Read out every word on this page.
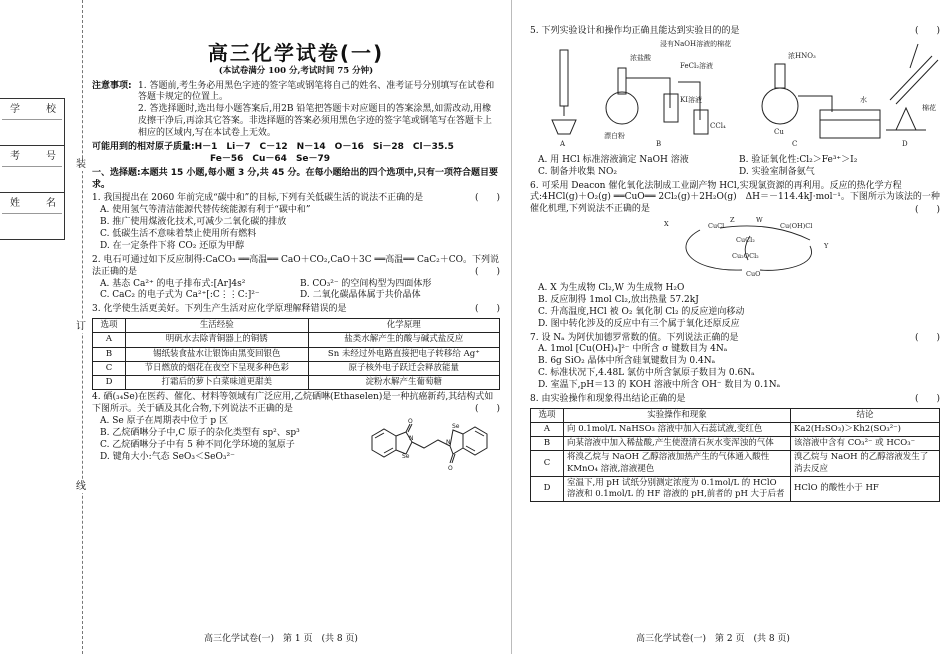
学　校
考　号
姓　名
装
订
线
高三化学试卷(一)
(本试卷满分 100 分,考试时间 75 分钟)
注意事项: 1. 答题前,考生务必用黑色字迹的签字笔或钢笔将自己的姓名、准考证号分别填写在试卷和答题卡规定的位置上。

2. 答选择题时,选出每小题答案后,用2B 铅笔把答题卡对应题目的答案涂黑,如需改动,用橡皮擦干净后,再涂其它答案。非选择题的答案必须用黑色字迹的签字笔或钢笔写在答题卡上相应的区域内,写在本试卷上无效。

可能用到的相对原子质量:H－1　Li－7　C－12　N－14　O－16　Si－28　Cl－35.5

Fe－56　Cu－64　Se－79

一、选择题:本题共 15 小题,每小题 3 分,共 45 分。在每小题给出的四个选项中,只有一项符合题目要求。

1. 我国提出在 2060 年前完成“碳中和”的目标,下列有关低碳生活的说法不正确的是	(　　)

A. 使用氢气等清洁能源代替传统能源有利于“碳中和”

B. 推广使用煤液化技术,可减少二氧化碳的排放

C. 低碳生活不意味着禁止使用所有燃料

D. 在一定条件下将 CO₂ 还原为甲醇

2. 电石可通过如下反应制得:CaCO₃ ══高温══ CaO＋CO₂,CaO＋3C ══高温══ CaC₂＋CO。下列说法正确的是	(　　)
A. 基态 Ca²⁺ 的电子排布式:[Ar]4s²	B. CO₃²⁻ 的空间构型为四面体形
C. CaC₂ 的电子式为 Ca²⁺[:C⋮⋮C:]²⁻	D. 二氧化碳晶体属于共价晶体

3. 化学使生活更美好。下列生产生活对应化学原理解释错误的是	(　　)
选项	生活经验	化学原理
A	明矾水去除青铜器上的铜锈	盐类水解产生的酸与碱式盐反应
B	锡纸装食盐水让银饰由黑变回银色	Sn 未经过外电路直接把电子转移给 Ag⁺
C	节日燃放的烟花在夜空下呈现多种色彩	原子核外电子跃迁会释放能量
D	打霜后的萝卜白菜味道更甜美	淀粉水解产生葡萄糖

4. 硒(₃₄Se)在医药、催化、材料等领域有广泛应用,乙烷硒啉(Ethaselen)是一种抗癌新药,其结构式如下图所示。关于硒及其化合物,下列说法不正确的是	(　　)

A. Se 原子在周期表中位于 p 区

B. 乙烷硒啉分子中,C 原子的杂化类型有 sp²、sp³

C. 乙烷硒啉分子中有 5 种不同化学环境的氢原子

D. 键角大小:气态 SeO₃＜SeO₃²⁻	Se
Se
N
N
O
O
高三化学试卷(一)　第 1 页　(共 8 页)

5. 下列实验设计和操作均正确且能达到实验目的的是	(　　)
浓盐酸
浸有NaOH溶液的棉花
FeCl₂溶液
KI溶液
CCl₄
漂白粉
浓HNO₃
Cu
水
棉花
A	B	C	D
A. 用 HCl 标准溶液滴定 NaOH 溶液	B. 验证氧化性:Cl₂＞Fe³⁺＞I₂
C. 制备并收集 NO₂	D. 实验室制备氨气

6. 可采用 Deacon 催化氧化法制成工业副产物 HCl,实现氯资源的再利用。反应的热化学方程

式:4HCl(g)＋O₂(g) ══CuO══ 2Cl₂(g)＋2H₂O(g)　ΔH＝－114.4kJ·mol⁻¹。下图所示为该法的一种催化机理,下列说法不正确的是	(　　)
X	CuCl
Z	W
Cu(OH)Cl
CuCl₂
Cu₂OCl₂
CuO
Y

A. X 为生成物 Cl₂,W 为生成物 H₂O

B. 反应制得 1mol Cl₂,放出热量 57.2kJ

C. 升高温度,HCl 被 O₂ 氧化制 Cl₂ 的反应逆向移动

D. 图中转化涉及的反应中有三个属于氧化还原反应

7. 设 Nₐ 为阿伏加德罗常数的值。下列说法正确的是	(　　)

A. 1mol [Cu(OH)₄]²⁻ 中所含 σ 键数目为 4Nₐ

B. 6g SiO₂ 晶体中所含硅氧键数目为 0.4Nₐ

C. 标准状况下,4.48L 氯仿中所含氯原子数目为 0.6Nₐ

D. 室温下,pH＝13 的 KOH 溶液中所含 OH⁻ 数目为 0.1Nₐ

8. 由实验操作和现象得出结论正确的是	(　　)
选项	实验操作和现象	结论
A	向 0.1mol/L NaHSO₃ 溶液中加入石蕊试液,变红色	Ka2(H₂SO₃)＞Kh2(SO₃²⁻)
B	向某溶液中加入稀盐酸,产生使澄清石灰水变浑浊的气体	该溶液中含有 CO₃²⁻ 或 HCO₃⁻
C	将溴乙烷与 NaOH 乙醇溶液加热产生的气体通入酸性 KMnO₄ 溶液,溶液褪色	溴乙烷与 NaOH 的乙醇溶液发生了消去反应
D	室温下,用 pH 试纸分别测定浓度为 0.1mol/L 的 HClO 溶液和 0.1mol/L 的 HF 溶液的 pH,前者的 pH 大于后者	HClO 的酸性小于 HF
高三化学试卷(一)　第 2 页　(共 8 页)
